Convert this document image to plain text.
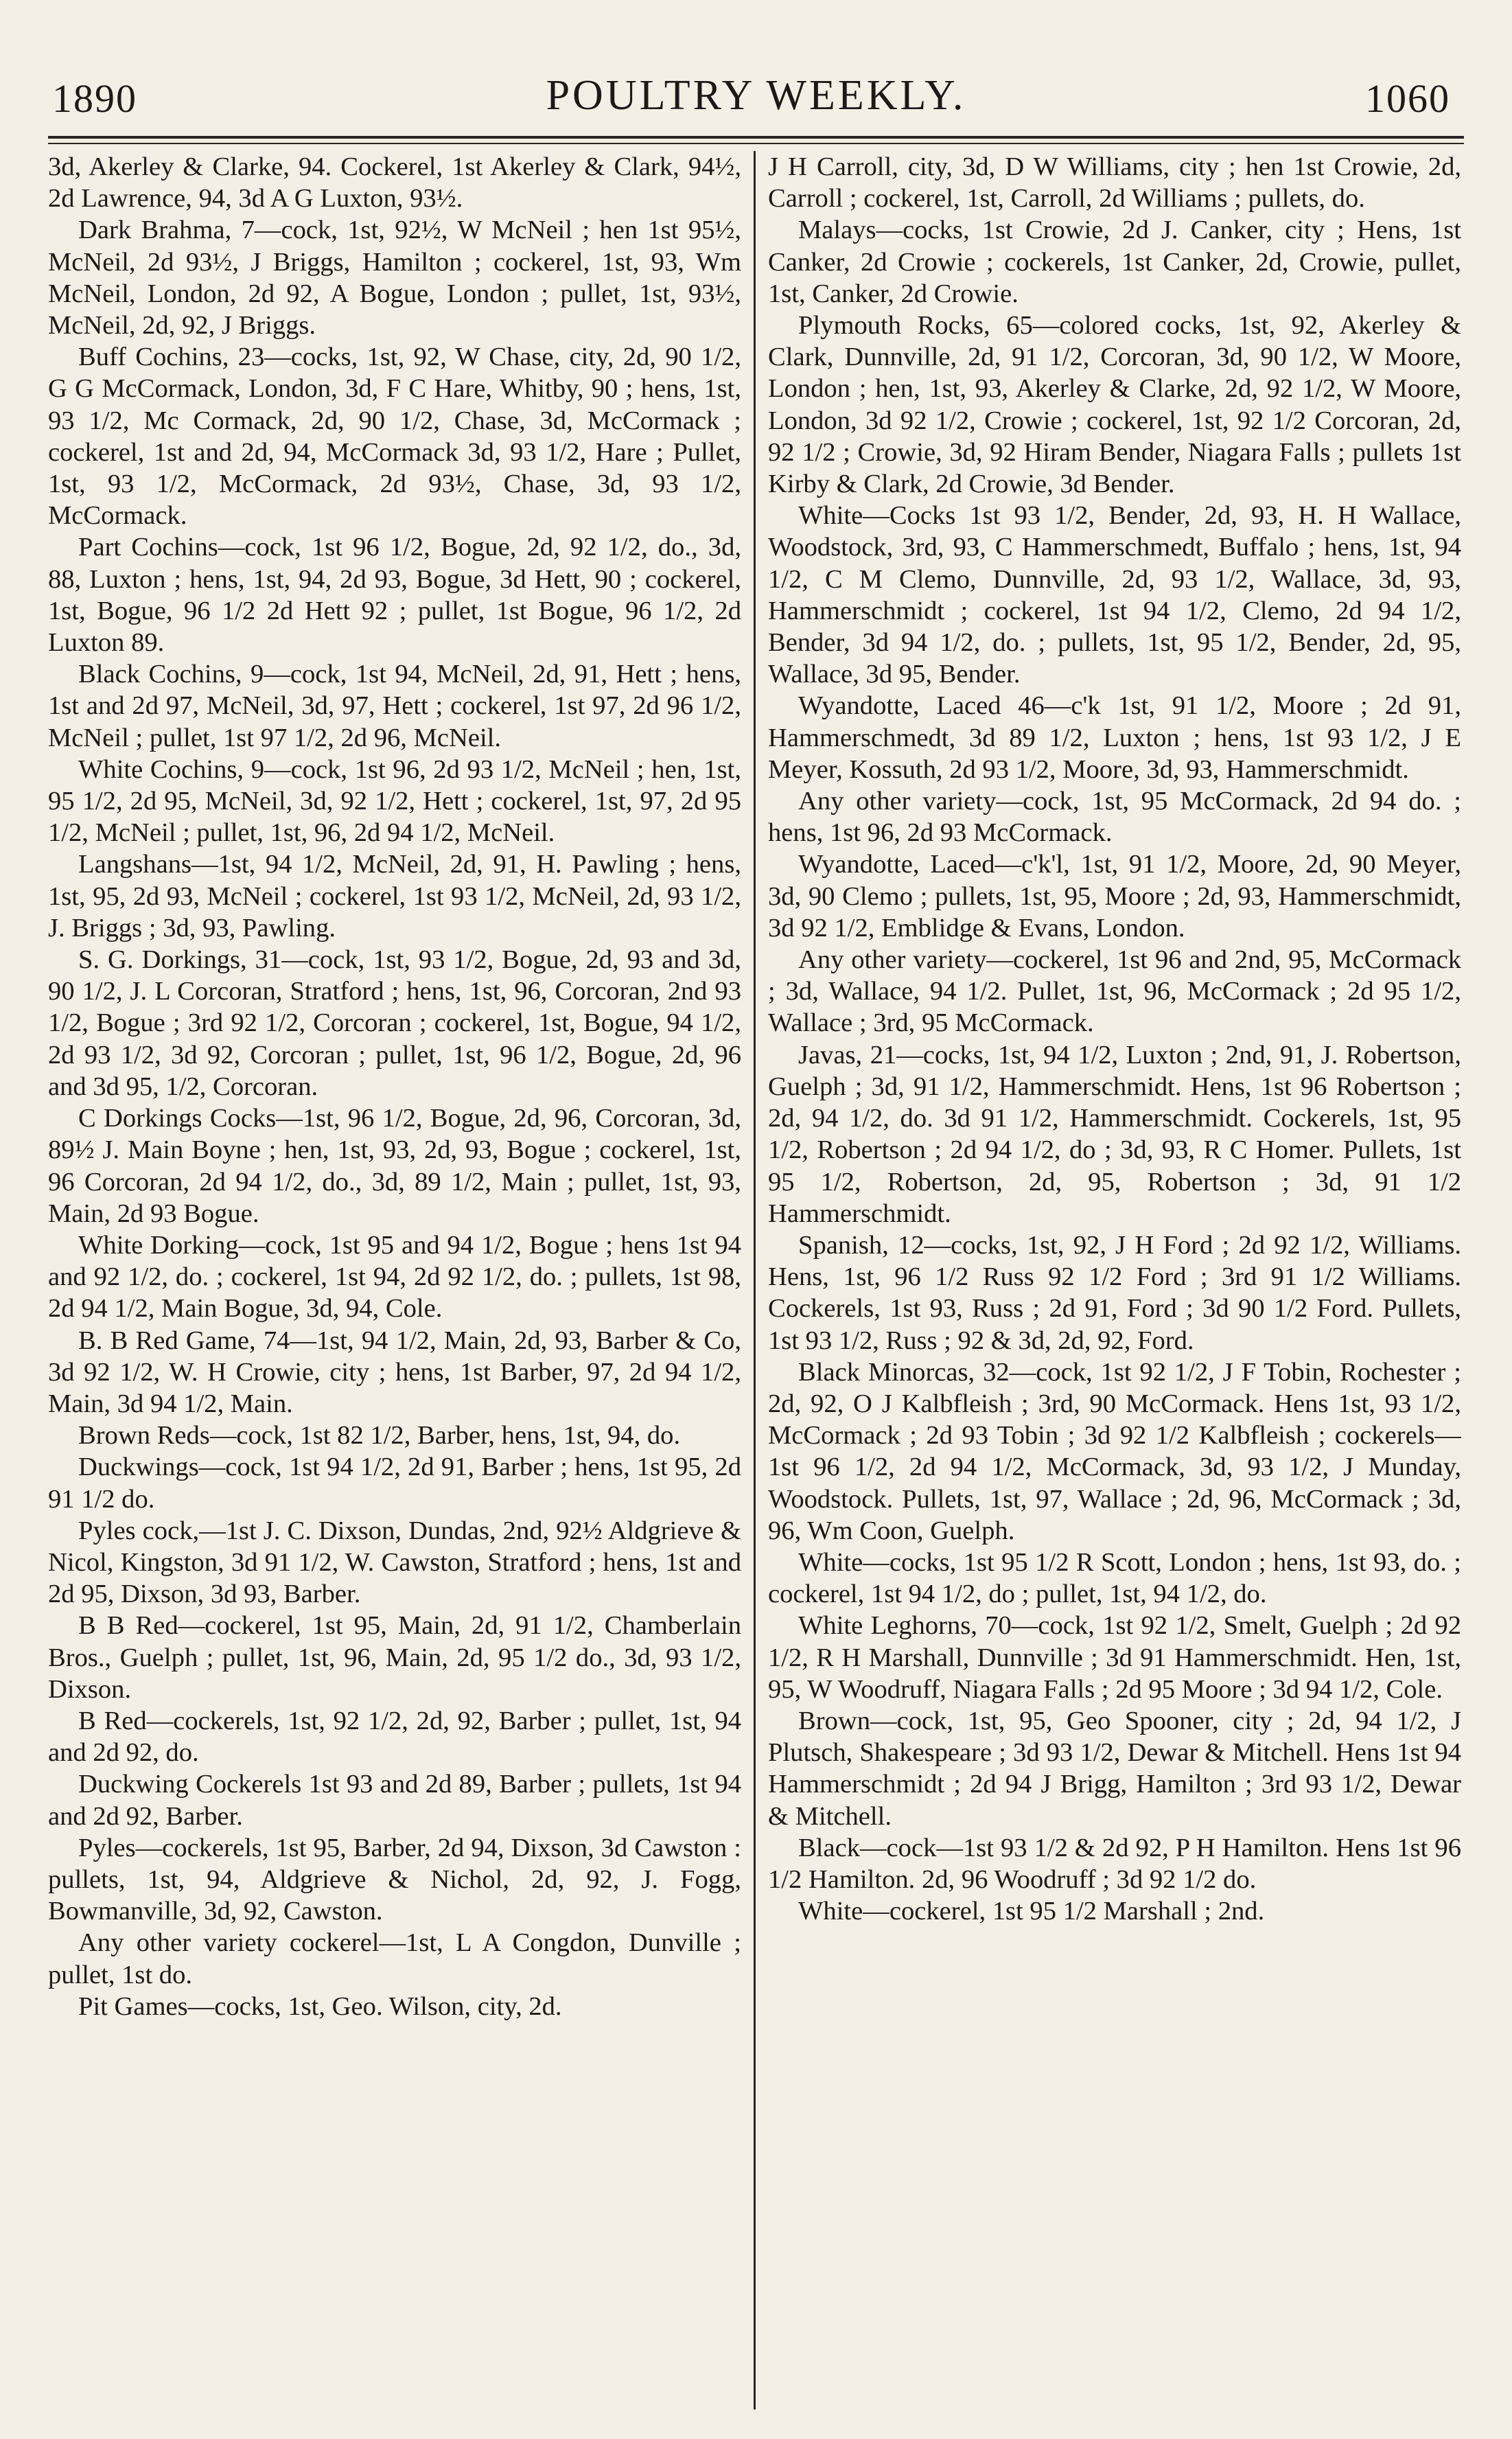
1890	POULTRY WEEKLY.	1060

3d, Akerley & Clarke, 94. Cockerel, 1st Akerley & Clark, 94½, 2d Lawrence, 94, 3d A G Luxton, 93½.

Dark Brahma, 7—cock, 1st, 92½, W McNeil ; hen 1st 95½, McNeil, 2d 93½, J Briggs, Hamilton ; cockerel, 1st, 93, Wm McNeil, London, 2d 92, A Bogue, London ; pullet, 1st, 93½, McNeil, 2d, 92, J Briggs.

Buff Cochins, 23—cocks, 1st, 92, W Chase, city, 2d, 90 1/2, G G McCormack, London, 3d, F C Hare, Whitby, 90 ; hens, 1st, 93 1/2, Mc Cormack, 2d, 90 1/2, Chase, 3d, McCormack ; cockerel, 1st and 2d, 94, McCormack 3d, 93 1/2, Hare ; Pullet, 1st, 93 1/2, McCormack, 2d 93½, Chase, 3d, 93 1/2, McCormack.

Part Cochins—cock, 1st 96 1/2, Bogue, 2d, 92 1/2, do., 3d, 88, Luxton ; hens, 1st, 94, 2d 93, Bogue, 3d Hett, 90 ; cockerel, 1st, Bogue, 96 1/2 2d Hett 92 ; pullet, 1st Bogue, 96 1/2, 2d Luxton 89.

Black Cochins, 9—cock, 1st 94, McNeil, 2d, 91, Hett ; hens, 1st and 2d 97, McNeil, 3d, 97, Hett ; cockerel, 1st 97, 2d 96 1/2, McNeil ; pullet, 1st 97 1/2, 2d 96, McNeil.

White Cochins, 9—cock, 1st 96, 2d 93 1/2, McNeil ; hen, 1st, 95 1/2, 2d 95, McNeil, 3d, 92 1/2, Hett ; cockerel, 1st, 97, 2d 95 1/2, McNeil ; pullet, 1st, 96, 2d 94 1/2, McNeil.

Langshans—1st, 94 1/2, McNeil, 2d, 91, H. Pawling ; hens, 1st, 95, 2d 93, McNeil ; cockerel, 1st 93 1/2, McNeil, 2d, 93 1/2, J. Briggs ; 3d, 93, Pawling.

S. G. Dorkings, 31—cock, 1st, 93 1/2, Bogue, 2d, 93 and 3d, 90 1/2, J. L Corcoran, Stratford ; hens, 1st, 96, Corcoran, 2nd 93 1/2, Bogue ; 3rd 92 1/2, Corcoran ; cockerel, 1st, Bogue, 94 1/2, 2d 93 1/2, 3d 92, Corcoran ; pullet, 1st, 96 1/2, Bogue, 2d, 96 and 3d 95, 1/2, Corcoran.

C Dorkings Cocks—1st, 96 1/2, Bogue, 2d, 96, Corcoran, 3d, 89½ J. Main Boyne ; hen, 1st, 93, 2d, 93, Bogue ; cockerel, 1st, 96 Corcoran, 2d 94 1/2, do., 3d, 89 1/2, Main ; pullet, 1st, 93, Main, 2d 93 Bogue.

White Dorking—cock, 1st 95 and 94 1/2, Bogue ; hens 1st 94 and 92 1/2, do. ; cockerel, 1st 94, 2d 92 1/2, do. ; pullets, 1st 98, 2d 94 1/2, Main Bogue, 3d, 94, Cole.

B. B Red Game, 74—1st, 94 1/2, Main, 2d, 93, Barber & Co, 3d 92 1/2, W. H Crowie, city ; hens, 1st Barber, 97, 2d 94 1/2, Main, 3d 94 1/2, Main.

Brown Reds—cock, 1st 82 1/2, Barber, hens, 1st, 94, do.

Duckwings—cock, 1st 94 1/2, 2d 91, Barber ; hens, 1st 95, 2d 91 1/2 do.

Pyles cock,—1st J. C. Dixson, Dundas, 2nd, 92½ Aldgrieve & Nicol, Kingston, 3d 91 1/2, W. Cawston, Stratford ; hens, 1st and 2d 95, Dixson, 3d 93, Barber.

B B Red—cockerel, 1st 95, Main, 2d, 91 1/2, Chamberlain Bros., Guelph ; pullet, 1st, 96, Main, 2d, 95 1/2 do., 3d, 93 1/2, Dixson.

B Red—cockerels, 1st, 92 1/2, 2d, 92, Barber ; pullet, 1st, 94 and 2d 92, do.

Duckwing Cockerels 1st 93 and 2d 89, Barber ; pullets, 1st 94 and 2d 92, Barber.

Pyles—cockerels, 1st 95, Barber, 2d 94, Dixson, 3d Cawston : pullets, 1st, 94, Aldgrieve & Nichol, 2d, 92, J. Fogg, Bowmanville, 3d, 92, Cawston.

Any other variety cockerel—1st, L A Congdon, Dunville ; pullet, 1st do.

Pit Games—cocks, 1st, Geo. Wilson, city, 2d.

J H Carroll, city, 3d, D W Williams, city ; hen 1st Crowie, 2d, Carroll ; cockerel, 1st, Carroll, 2d Williams ; pullets, do.

Malays—cocks, 1st Crowie, 2d J. Canker, city ; Hens, 1st Canker, 2d Crowie ; cockerels, 1st Canker, 2d, Crowie, pullet, 1st, Canker, 2d Crowie.

Plymouth Rocks, 65—colored cocks, 1st, 92, Akerley & Clark, Dunnville, 2d, 91 1/2, Corcoran, 3d, 90 1/2, W Moore, London ; hen, 1st, 93, Akerley & Clarke, 2d, 92 1/2, W Moore, London, 3d 92 1/2, Crowie ; cockerel, 1st, 92 1/2 Corcoran, 2d, 92 1/2 ; Crowie, 3d, 92 Hiram Bender, Niagara Falls ; pullets 1st Kirby & Clark, 2d Crowie, 3d Bender.

White—Cocks 1st 93 1/2, Bender, 2d, 93, H. H Wallace, Woodstock, 3rd, 93, C Hammerschmedt, Buffalo ; hens, 1st, 94 1/2, C M Clemo, Dunnville, 2d, 93 1/2, Wallace, 3d, 93, Hammerschmidt ; cockerel, 1st 94 1/2, Clemo, 2d 94 1/2, Bender, 3d 94 1/2, do. ; pullets, 1st, 95 1/2, Bender, 2d, 95, Wallace, 3d 95, Bender.

Wyandotte, Laced 46—c'k 1st, 91 1/2, Moore ; 2d 91, Hammerschmedt, 3d 89 1/2, Luxton ; hens, 1st 93 1/2, J E Meyer, Kossuth, 2d 93 1/2, Moore, 3d, 93, Hammerschmidt.

Any other variety—cock, 1st, 95 McCormack, 2d 94 do. ; hens, 1st 96, 2d 93 McCormack.

Wyandotte, Laced—c'k'l, 1st, 91 1/2, Moore, 2d, 90 Meyer, 3d, 90 Clemo ; pullets, 1st, 95, Moore ; 2d, 93, Hammerschmidt, 3d 92 1/2, Emblidge & Evans, London.

Any other variety—cockerel, 1st 96 and 2nd, 95, McCormack ; 3d, Wallace, 94 1/2. Pullet, 1st, 96, McCormack ; 2d 95 1/2, Wallace ; 3rd, 95 McCormack.

Javas, 21—cocks, 1st, 94 1/2, Luxton ; 2nd, 91, J. Robertson, Guelph ; 3d, 91 1/2, Hammerschmidt. Hens, 1st 96 Robertson ; 2d, 94 1/2, do. 3d 91 1/2, Hammerschmidt. Cockerels, 1st, 95 1/2, Robertson ; 2d 94 1/2, do ; 3d, 93, R C Homer. Pullets, 1st 95 1/2, Robertson, 2d, 95, Robertson ; 3d, 91 1/2 Hammerschmidt.

Spanish, 12—cocks, 1st, 92, J H Ford ; 2d 92 1/2, Williams. Hens, 1st, 96 1/2 Russ 92 1/2 Ford ; 3rd 91 1/2 Williams. Cockerels, 1st 93, Russ ; 2d 91, Ford ; 3d 90 1/2 Ford. Pullets, 1st 93 1/2, Russ ; 92 & 3d, 2d, 92, Ford.

Black Minorcas, 32—cock, 1st 92 1/2, J F Tobin, Rochester ; 2d, 92, O J Kalbfleish ; 3rd, 90 McCormack. Hens 1st, 93 1/2, McCormack ; 2d 93 Tobin ; 3d 92 1/2 Kalbfleish ; cockerels—1st 96 1/2, 2d 94 1/2, McCormack, 3d, 93 1/2, J Munday, Woodstock. Pullets, 1st, 97, Wallace ; 2d, 96, McCormack ; 3d, 96, Wm Coon, Guelph.

White—cocks, 1st 95 1/2 R Scott, London ; hens, 1st 93, do. ; cockerel, 1st 94 1/2, do ; pullet, 1st, 94 1/2, do.

White Leghorns, 70—cock, 1st 92 1/2, Smelt, Guelph ; 2d 92 1/2, R H Marshall, Dunnville ; 3d 91 Hammerschmidt. Hen, 1st, 95, W Woodruff, Niagara Falls ; 2d 95 Moore ; 3d 94 1/2, Cole.

Brown—cock, 1st, 95, Geo Spooner, city ; 2d, 94 1/2, J Plutsch, Shakespeare ; 3d 93 1/2, Dewar & Mitchell. Hens 1st 94 Hammerschmidt ; 2d 94 J Brigg, Hamilton ; 3rd 93 1/2, Dewar & Mitchell.

Black—cock—1st 93 1/2 & 2d 92, P H Hamilton. Hens 1st 96 1/2 Hamilton. 2d, 96 Woodruff ; 3d 92 1/2 do.

White—cockerel, 1st 95 1/2 Marshall ; 2nd.
